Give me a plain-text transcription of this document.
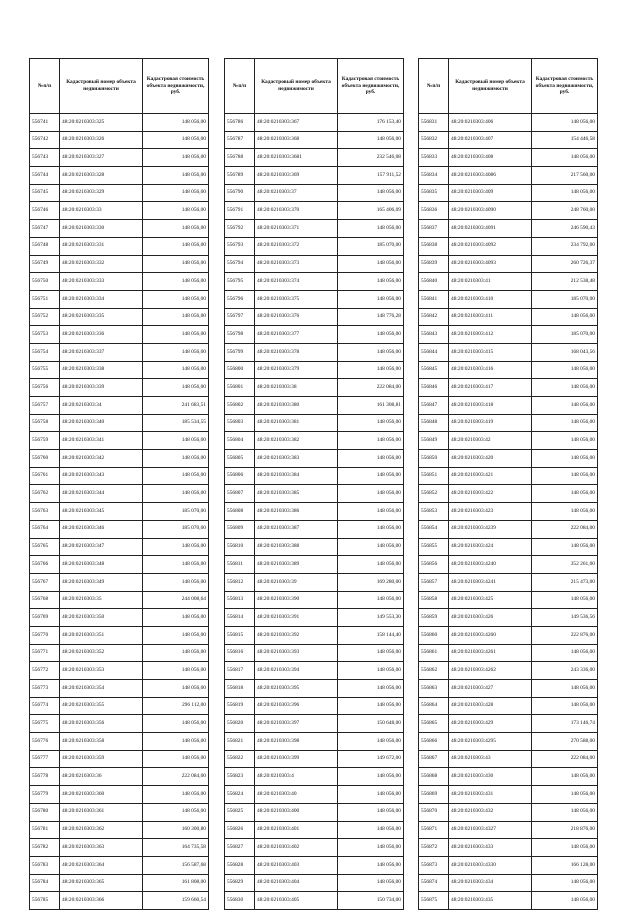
№п/п	Кадастровый номер объекта недвижимости	Кадастровая стоимость объекта недвижимости, руб.
556741	48:20:0210303:325	148 056,00
556742	48:20:0210303:326	148 056,00
556743	48:20:0210303:327	148 056,00
556744	48:20:0210303:328	148 056,00
556745	48:20:0210303:329	148 056,00
556746	48:20:0210303:33	148 056,00
556747	48:20:0210303:330	148 056,00
556748	48:20:0210303:331	148 056,00
556749	48:20:0210303:332	148 056,00
556750	48:20:0210303:333	148 056,00
556751	48:20:0210303:334	148 056,00
556752	48:20:0210303:335	148 056,00
556753	48:20:0210303:336	148 056,00
556754	48:20:0210303:337	148 056,00
556755	48:20:0210303:338	148 056,00
556756	48:20:0210303:339	148 056,00
556757	48:20:0210303:34	241 683,51
556758	48:20:0210303:340	185 534,55
556759	48:20:0210303:341	148 056,00
556760	48:20:0210303:342	148 056,00
556761	48:20:0210303:343	148 056,00
556762	48:20:0210303:344	148 056,00
556763	48:20:0210303:345	185 070,00
556764	48:20:0210303:346	185 070,00
556765	48:20:0210303:347	148 056,00
556766	48:20:0210303:348	148 056,00
556767	48:20:0210303:349	148 056,00
556768	48:20:0210303:35	244 008,64
556769	48:20:0210303:350	148 056,00
556770	48:20:0210303:351	148 056,00
556771	48:20:0210303:352	148 056,00
556772	48:20:0210303:353	148 056,00
556773	48:20:0210303:354	148 056,00
556774	48:20:0210303:355	296 112,00
556775	48:20:0210303:356	148 056,00
556776	48:20:0210303:358	148 056,00
556777	48:20:0210303:359	148 056,00
556778	48:20:0210303:36	222 084,00
556779	48:20:0210303:360	148 056,00
556780	48:20:0210303:361	148 056,00
556781	48:20:0210303:362	160 300,80
556782	48:20:0210303:363	164 735,58
556783	48:20:0210303:364	156 587,68
556784	48:20:0210303:365	161 808,00
556785	48:20:0210303:366	159 660,54
№п/п	Кадастровый номер объекта недвижимости	Кадастровая стоимость объекта недвижимости, руб.
556786	48:20:0210303:367	176 153,40
556787	48:20:0210303:368	148 056,00
556788	48:20:0210303:3681	232 546,08
556789	48:20:0210303:369	157 911,52
556790	48:20:0210303:37	148 056,00
556791	48:20:0210303:370	165 406,09
556792	48:20:0210303:371	148 056,00
556793	48:20:0210303:372	185 070,00
556794	48:20:0210303:373	148 056,00
556795	48:20:0210303:374	148 056,00
556796	48:20:0210303:375	148 056,00
556797	48:20:0210303:376	148 776,28
556798	48:20:0210303:377	148 056,00
556799	48:20:0210303:378	148 056,00
556800	48:20:0210303:379	148 056,00
556801	48:20:0210303:38	222 084,00
556802	48:20:0210303:380	161 308,81
556803	48:20:0210303:381	148 056,00
556804	48:20:0210303:382	148 056,00
556805	48:20:0210303:383	148 056,00
556806	48:20:0210303:384	148 056,00
556807	48:20:0210303:385	148 056,00
556808	48:20:0210303:386	148 056,00
556809	48:20:0210303:387	148 056,00
556810	48:20:0210303:388	148 056,00
556811	48:20:0210303:389	148 056,00
556812	48:20:0210303:39	169 280,00
556813	48:20:0210303:390	148 056,00
556814	48:20:0210303:391	149 553,30
556815	48:20:0210303:392	158 144,40
556816	48:20:0210303:393	148 056,00
556817	48:20:0210303:394	148 056,00
556818	48:20:0210303:395	148 056,00
556819	48:20:0210303:396	148 056,00
556820	48:20:0210303:397	150 648,00
556821	48:20:0210303:398	148 056,00
556822	48:20:0210303:399	149 672,00
556823	48:20:0210303:4	148 056,00
556824	48:20:0210303:40	148 056,00
556825	48:20:0210303:400	148 056,00
556826	48:20:0210303:401	148 056,00
556827	48:20:0210303:402	148 056,00
556828	48:20:0210303:403	148 056,00
556829	48:20:0210303:404	148 056,00
556830	48:20:0210303:405	150 734,00
№п/п	Кадастровый номер объекта недвижимости	Кадастровая стоимость объекта недвижимости, руб.
556831	48:20:0210303:406	148 056,00
556832	48:20:0210303:407	154 446,58
556833	48:20:0210303:408	148 056,00
556834	48:20:0210303:4086	217 560,00
556835	48:20:0210303:409	148 056,00
556836	48:20:0210303:4090	248 760,00
556837	48:20:0210303:4091	246 590,43
556838	48:20:0210303:4092	234 792,00
556839	48:20:0210303:4093	260 726,37
556840	48:20:0210303:41	212 538,48
556841	48:20:0210303:410	185 070,00
556842	48:20:0210303:411	148 056,00
556843	48:20:0210303:412	185 070,00
556844	48:20:0210303:415	168 043,56
556845	48:20:0210303:416	148 056,00
556846	48:20:0210303:417	148 056,00
556847	48:20:0210303:418	148 056,00
556848	48:20:0210303:419	148 056,00
556849	48:20:0210303:42	148 056,00
556850	48:20:0210303:420	148 056,00
556851	48:20:0210303:421	148 056,00
556852	48:20:0210303:422	148 056,00
556853	48:20:0210303:423	148 056,00
556854	48:20:0210303:4239	222 084,00
556855	48:20:0210303:424	148 056,00
556856	48:20:0210303:4240	352 261,00
556857	48:20:0210303:4241	215 473,00
556858	48:20:0210303:425	148 056,00
556859	48:20:0210303:426	149 536,56
556860	48:20:0210303:4260	222 876,00
556861	48:20:0210303:4261	148 056,00
556862	48:20:0210303:4262	243 336,00
556863	48:20:0210303:427	148 056,00
556864	48:20:0210303:428	148 056,00
556865	48:20:0210303:429	173 146,74
556866	48:20:0210303:4295	270 588,00
556867	48:20:0210303:43	222 084,00
556868	48:20:0210303:430	148 056,00
556869	48:20:0210303:431	148 056,00
556870	48:20:0210303:432	148 056,00
556871	48:20:0210303:4327	218 876,00
556872	48:20:0210303:433	148 056,00
556873	48:20:0210303:4330	166 128,00
556874	48:20:0210303:434	148 056,00
556875	48:20:0210303:435	148 056,00
